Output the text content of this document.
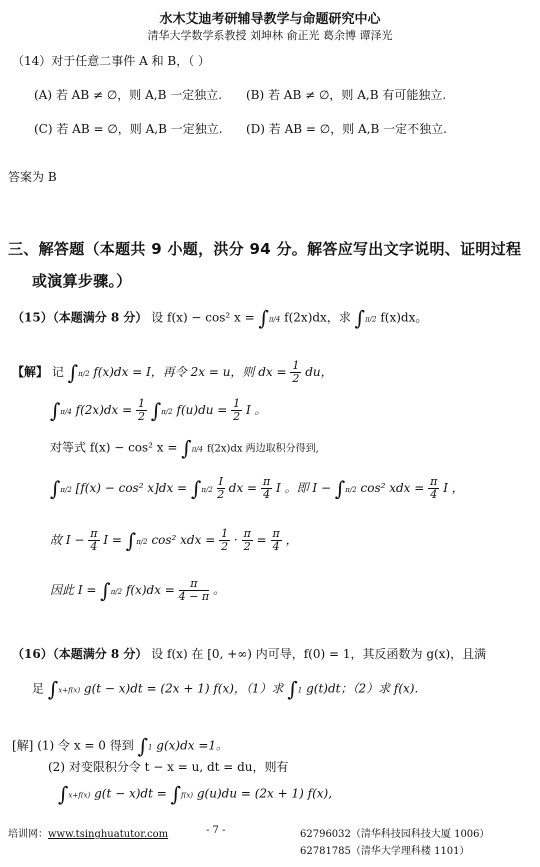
水木艾迪考研辅导教学与命题研究中心
清华大学数学系教授 刘坤林 俞正光 葛余博 谭泽光
（14）对于任意二事件 A 和 B，（ ）
(A) 若 AB ≠ ∅，则 A,B 一定独立. (B) 若 AB ≠ ∅，则 A,B 有可能独立.
(C) 若 AB = ∅，则 A,B 一定独立. (D) 若 AB = ∅，则 A,B 一定不独立.
答案为 B
三、解答题（本题共 9 小题，洪分 94 分。解答应写出文字说明、证明过程
或演算步骤。）
（15）（本题满分 8 分） 设 f(x) − cos² x = ∫π/4 f(2x)dx，求 ∫π/2 f(x)dx。
【解】 记 ∫π/2 f(x)dx = I，再令 2x = u，则 dx = $\frac{1}{2}$ du，
∫π/4 $f(2x)dx = \frac{1}{2} \int\pi/2$ $f(u)du = \frac{1}{2}$ I 。
对等式 f(x) − cos² x = ∫π/4 f(2x)dx 两边取积分得到,
∫π/2 [f(x) − cos² $x]dx = \int\pi/2 \frac{I}{2}$ dx = $\frac{\pi}{4}$ I 。即 I − ∫π/2 cos² xdx = $\frac{\pi}{4}$ I ，
故 $I - \frac{\pi}{4}$ I = ∫π/2 cos² xdx = $\frac{1}{2} \cdot \frac{\pi}{2} = \frac{\pi}{4}$ ，
因此 I = ∫π/2 $f(x)dx = \frac{\pi}{4 - \pi}$ 。
（16）（本题满分 8 分） 设 f(x) 在 [0, +∞) 内可导，f(0) = 1，其反函数为 g(x)，且满
足 ∫x+f(x) g(t − x)dt = (2x + 1) f(x)，（1）求 ∫1 g(t)dt；（2）求 f(x).
[解] (1) 令 x = 0 得到 ∫1 g(x)dx =1。
(2) 对变限积分令 t − x = u, dt = du，则有
∫x+f(x) g(t − x)dt = ∫f(x) g(u)du = (2x + 1) f(x),
培训网：www.tsinghuatutor.com	- 7 -	62796032（清华科技园科技大厦 1006）
62781785（清华大学理科楼 1101）
